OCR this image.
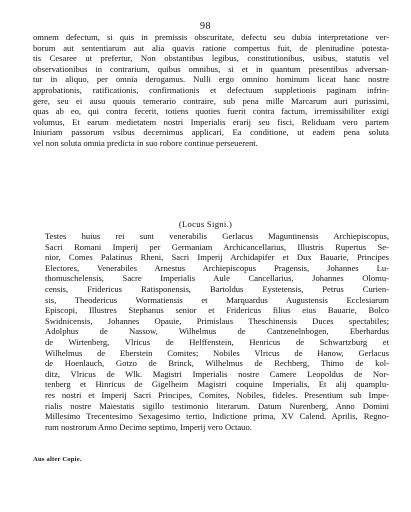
98
omnem defectum, si quis in premissis obscuritate, defectu seu dubia interpretatione ver-
borum aut sententiarum aut alia quavis ratione compertus fuit, de plenitudine potesta-
tis Cesaree ut prefertur, Non obstantibus legibus, constitutionibus, usibus, statutis vel
observationibus in contrarium, quibus omnibus, si et in quantum presentibus adversan-
tur in aliquo, per omnia derogamus. Nulli ergo omnino hominum liceat hanc nostre
approbationis, ratificationis, confirmationis et defectuum suppletionis paginam infrin-
gere, seu ei ausu quouis temerario contraire, sub pena mille Marcarum auri purissimi,
quas ab eo, qui contra fecerit, totiens quoties fuerit contra factum, irremissibiliter exigi
volumus, Et earum medietatem nostri Imperialis erarij seu fisci, Reliduam vero partem
Iniuriam passorum vsibus decernimus applicari, Ea conditione, ut eadem pena soluta
vel non soluta omnia predicta in suo robore continue perseuerent.
(Locus Signi.)
Testes huius rei sunt venerabilis Gerlacus Maguntinensis Archiepiscopus,
Sacri Romani Imperij per Germaniam Archicancellarius, Illustris Rupertus Se-
nior, Comes Palatinus Rheni, Sacri Imperij Archidapifer et Dux Bauarie, Principes
Electores, Venerabiles Arnestus Archiepiscopus Pragensis, Johannes Lu-
thomuschelensis, Sacre Imperialis Aule Cancellarius, Johannes Olomu-
censis, Fridericus Ratisponensis, Bartoldus Eystetensis, Petrus Curien-
sis, Theodericus Wormatiensis et Marquardus Augustensis Ecclesiarum
Episcopi, Illustres Stephanus senior et Fridericus filius eius Bauarie, Bolco
Swidnicensis, Johannes Opauie, Primislaus Theschinensis Duces spectabiles;
Adolphus de Nassow, Wilhelmus de Cantzenelnbogen, Eberhardus
de Wirtenberg, Vlricus de Helffenstein, Henricus de Schwartzburg et
Wilhelmus de Eberstein Comites; Nobiles Vlricus de Hanow, Gerlacus
de Hoenlauch, Gotzo de Brinck, Wilhelmus de Rechberg, Thimo de kol-
ditz, Vlricus de Wlk. Magistri Imperialis nostre Camere Leopoldus de Nor-
tenberg et Hinricus de Gigelheim Magistri coquine Imperialis, Et alij quamplu-
res nostri et Imperij Sacri Principes, Comites, Nobiles, fideles. Presentium sub Impe-
rialis nostre Maiestatis sigillo testimonio literarum. Datum Nurenberg, Anno Domini
Millesimo Trecentesimo Sexagesimo tertio, Indictione prima, XV Calend. Aprilis, Regno-
rum nostrorum Anno Decimo septimo, Imperij vero Octauo.
Aus alter Copie.
